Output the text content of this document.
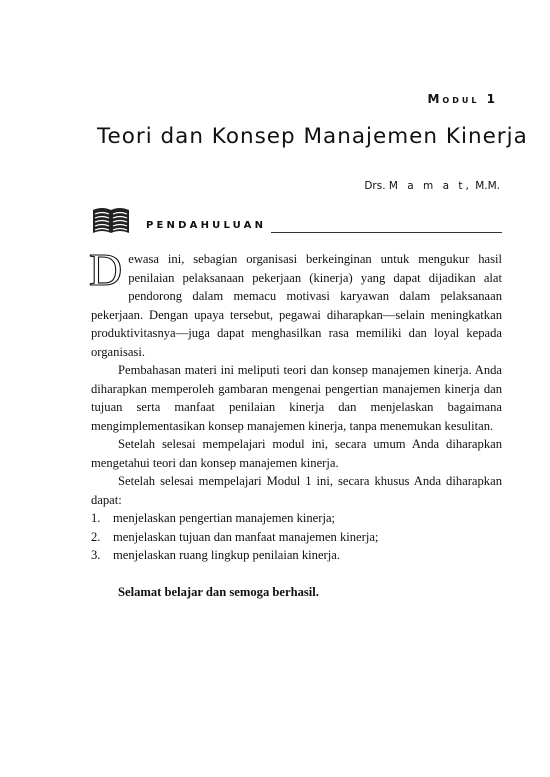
Modul 1
Teori dan Konsep Manajemen Kinerja
Drs. M a m a t, M.M.
PENDAHULUAN

Dewasa ini, sebagian organisasi berkeinginan untuk mengukur hasil penilaian pelaksanaan pekerjaan (kinerja) yang dapat dijadikan alat pendorong dalam memacu motivasi karyawan dalam pelaksanaan pekerjaan. Dengan upaya tersebut, pegawai diharapkan—selain meningkatkan produktivitasnya—juga dapat menghasilkan rasa memiliki dan loyal kepada organisasi.

Pembahasan materi ini meliputi teori dan konsep manajemen kinerja. Anda diharapkan memperoleh gambaran mengenai pengertian manajemen kinerja dan tujuan serta manfaat penilaian kinerja dan menjelaskan bagaimana mengimplementasikan konsep manajemen kinerja, tanpa menemukan kesulitan.

Setelah selesai mempelajari modul ini, secara umum Anda diharapkan mengetahui teori dan konsep manajemen kinerja.

Setelah selesai mempelajari Modul 1 ini, secara khusus Anda diharapkan dapat:

1. menjelaskan pengertian manajemen kinerja;
2. menjelaskan tujuan dan manfaat manajemen kinerja;
3. menjelaskan ruang lingkup penilaian kinerja.

Selamat belajar dan semoga berhasil.
